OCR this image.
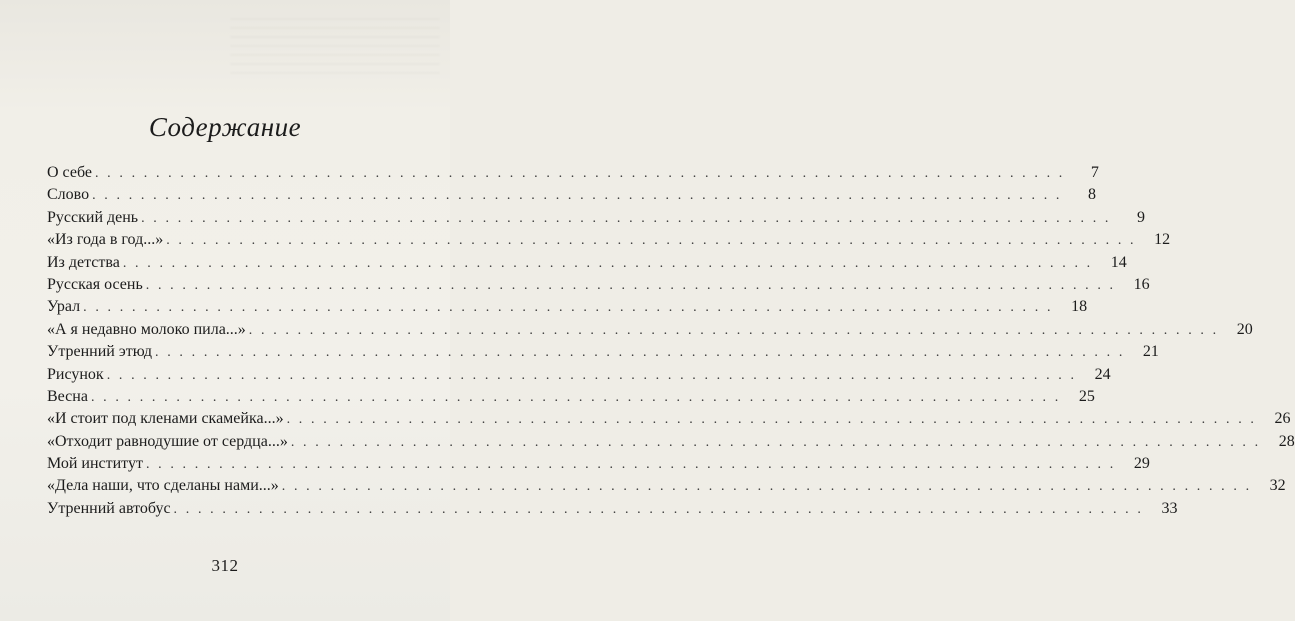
Содержание
О себе . . . . . . . . . . . . . . . . . . . . . . . . . . . . . . . . . . . . . . . . . . . . . . . . . . . . . . . . . . . . . . . . . . . . . . . . . . . . . . . .	7
Слово . . . . . . . . . . . . . . . . . . . . . . . . . . . . . . . . . . . . . . . . . . . . . . . . . . . . . . . . . . . . . . . . . . . . . . . . . . . . . . . .	8
Русский день . . . . . . . . . . . . . . . . . . . . . . . . . . . . . . . . . . . . . . . . . . . . . . . . . . . . . . . . . . . . . . . . . . . . . . . . . . . . . . . .	9
«Из года в год...» . . . . . . . . . . . . . . . . . . . . . . . . . . . . . . . . . . . . . . . . . . . . . . . . . . . . . . . . . . . . . . . . . . . . . . . . . . . . . . . .	12
Из детства . . . . . . . . . . . . . . . . . . . . . . . . . . . . . . . . . . . . . . . . . . . . . . . . . . . . . . . . . . . . . . . . . . . . . . . . . . . . . . . .	14
Русская осень . . . . . . . . . . . . . . . . . . . . . . . . . . . . . . . . . . . . . . . . . . . . . . . . . . . . . . . . . . . . . . . . . . . . . . . . . . . . . . . .	16
Урал . . . . . . . . . . . . . . . . . . . . . . . . . . . . . . . . . . . . . . . . . . . . . . . . . . . . . . . . . . . . . . . . . . . . . . . . . . . . . . . .	18
«А я недавно молоко пила...» . . . . . . . . . . . . . . . . . . . . . . . . . . . . . . . . . . . . . . . . . . . . . . . . . . . . . . . . . . . . . . . . . . . . . . . . . . . . . . . .	20
Утренний этюд . . . . . . . . . . . . . . . . . . . . . . . . . . . . . . . . . . . . . . . . . . . . . . . . . . . . . . . . . . . . . . . . . . . . . . . . . . . . . . . .	21
Рисунок . . . . . . . . . . . . . . . . . . . . . . . . . . . . . . . . . . . . . . . . . . . . . . . . . . . . . . . . . . . . . . . . . . . . . . . . . . . . . . . .	24
Весна . . . . . . . . . . . . . . . . . . . . . . . . . . . . . . . . . . . . . . . . . . . . . . . . . . . . . . . . . . . . . . . . . . . . . . . . . . . . . . . .	25
«И стоит под кленами скамейка...» . . . . . . . . . . . . . . . . . . . . . . . . . . . . . . . . . . . . . . . . . . . . . . . . . . . . . . . . . . . . . . . . . . . . . . . . . . . . . . . .	26
«Отходит равнодушие от сердца...» . . . . . . . . . . . . . . . . . . . . . . . . . . . . . . . . . . . . . . . . . . . . . . . . . . . . . . . . . . . . . . . . . . . . . . . . . . . . . . . .	28
Мой институт . . . . . . . . . . . . . . . . . . . . . . . . . . . . . . . . . . . . . . . . . . . . . . . . . . . . . . . . . . . . . . . . . . . . . . . . . . . . . . . .	29
«Дела наши, что сделаны нами...» . . . . . . . . . . . . . . . . . . . . . . . . . . . . . . . . . . . . . . . . . . . . . . . . . . . . . . . . . . . . . . . . . . . . . . . . . . . . . . . .	32
Утренний автобус . . . . . . . . . . . . . . . . . . . . . . . . . . . . . . . . . . . . . . . . . . . . . . . . . . . . . . . . . . . . . . . . . . . . . . . . . . . . . . . .	33
312
